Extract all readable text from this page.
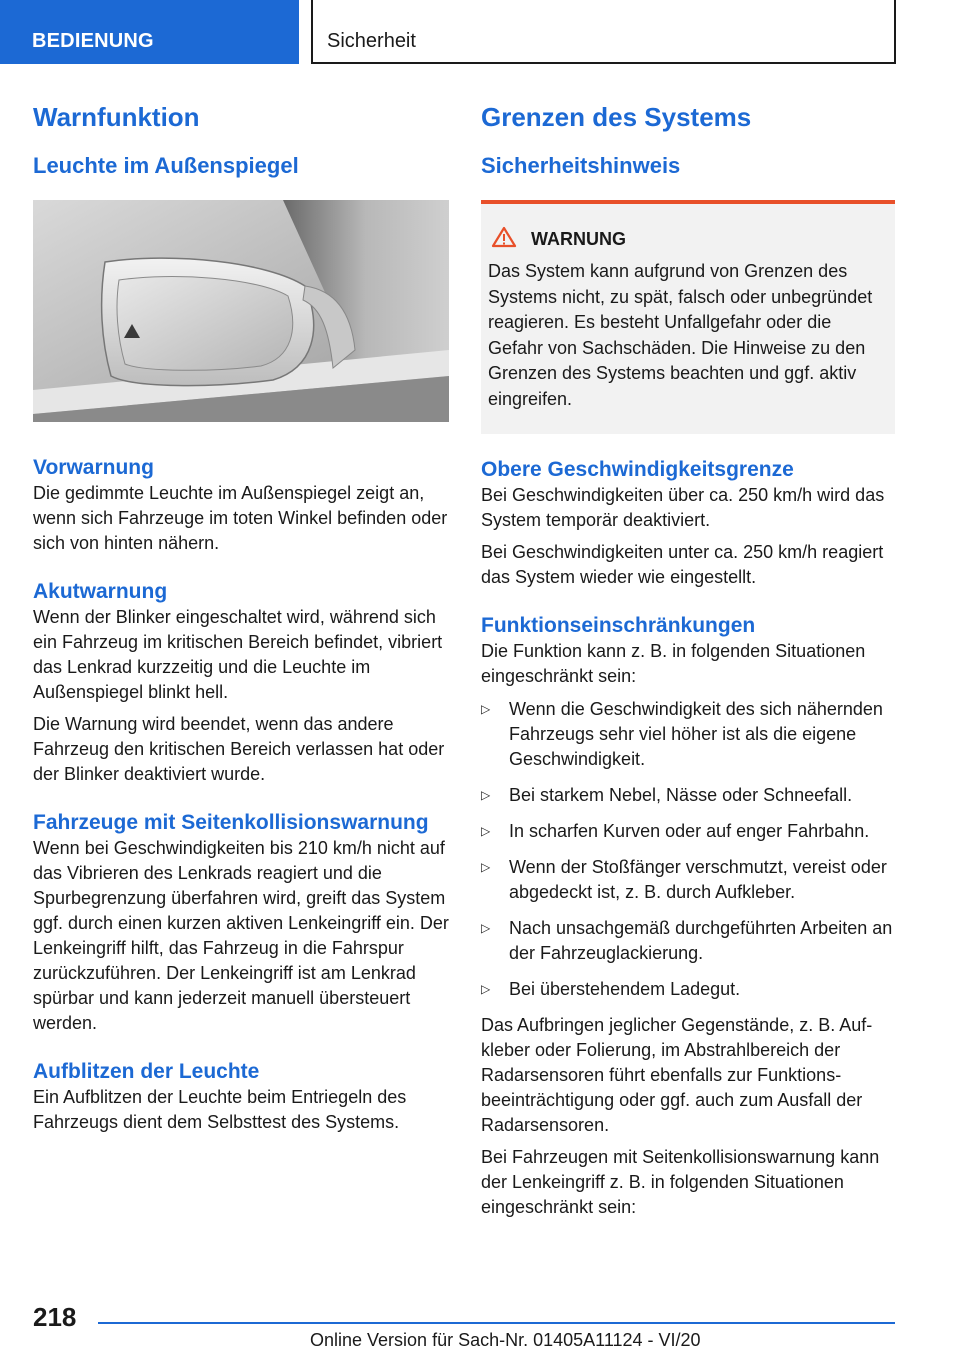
BEDIENUNG	Sicherheit
Warnfunktion
Leuchte im Außenspiegel
Vorwarnung
Die gedimmte Leuchte im Außenspiegel zeigt an, wenn sich Fahrzeuge im toten Winkel befinden oder sich von hinten nähern.
Akutwarnung
Wenn der Blinker eingeschaltet wird, während sich ein Fahrzeug im kritischen Bereich befindet, vibriert das Lenkrad kurzzeitig und die Leuchte im Außenspiegel blinkt hell.
Die Warnung wird beendet, wenn das andere Fahrzeug den kritischen Bereich verlassen hat oder der Blinker deaktiviert wurde.
Fahrzeuge mit Seitenkollisionswarnung
Wenn bei Geschwindigkeiten bis 210 km/h nicht auf das Vibrieren des Lenkrads reagiert und die Spurbegrenzung überfahren wird, greift das System ggf. durch einen kurzen aktiven Lenkeingriff ein. Der Lenkeingriff hilft, das Fahrzeug in die Fahrspur zurückzuführen. Der Lenkeingriff ist am Lenkrad spürbar und kann jederzeit manuell übersteuert werden.
Aufblitzen der Leuchte
Ein Aufblitzen der Leuchte beim Entriegeln des Fahrzeugs dient dem Selbsttest des Systems.
Grenzen des Systems
Sicherheitshinweis
WARNUNG
Das System kann aufgrund von Grenzen des Systems nicht, zu spät, falsch oder unbegründet reagieren. Es besteht Unfallgefahr oder die Gefahr von Sachschäden. Die Hinweise zu den Grenzen des Systems beachten und ggf. aktiv eingreifen.
Obere Geschwindigkeitsgrenze
Bei Geschwindigkeiten über ca. 250 km/h wird das System temporär deaktiviert.
Bei Geschwindigkeiten unter ca. 250 km/h reagiert das System wieder wie eingestellt.
Funktionseinschränkungen
Die Funktion kann z. B. in folgenden Situationen eingeschränkt sein:
▷	Wenn die Geschwindigkeit des sich nähernden Fahrzeugs sehr viel höher ist als die eigene Geschwindigkeit.
▷	Bei starkem Nebel, Nässe oder Schneefall.
▷	In scharfen Kurven oder auf enger Fahrbahn.
▷	Wenn der Stoßfänger verschmutzt, vereist oder abgedeckt ist, z. B. durch Aufkleber.
▷	Nach unsachgemäß durchgeführten Arbeiten an der Fahrzeuglackierung.
▷	Bei überstehendem Ladegut.
Das Aufbringen jeglicher Gegenstände, z. B. Aufkleber oder Folierung, im Abstrahlbereich der Radarsensoren führt ebenfalls zur Funktionsbeeinträchtigung oder ggf. auch zum Ausfall der Radarsensoren.
Bei Fahrzeugen mit Seitenkollisionswarnung kann der Lenkeingriff z. B. in folgenden Situationen eingeschränkt sein:
218
Online Version für Sach-Nr. 01405A11124 - VI/20
